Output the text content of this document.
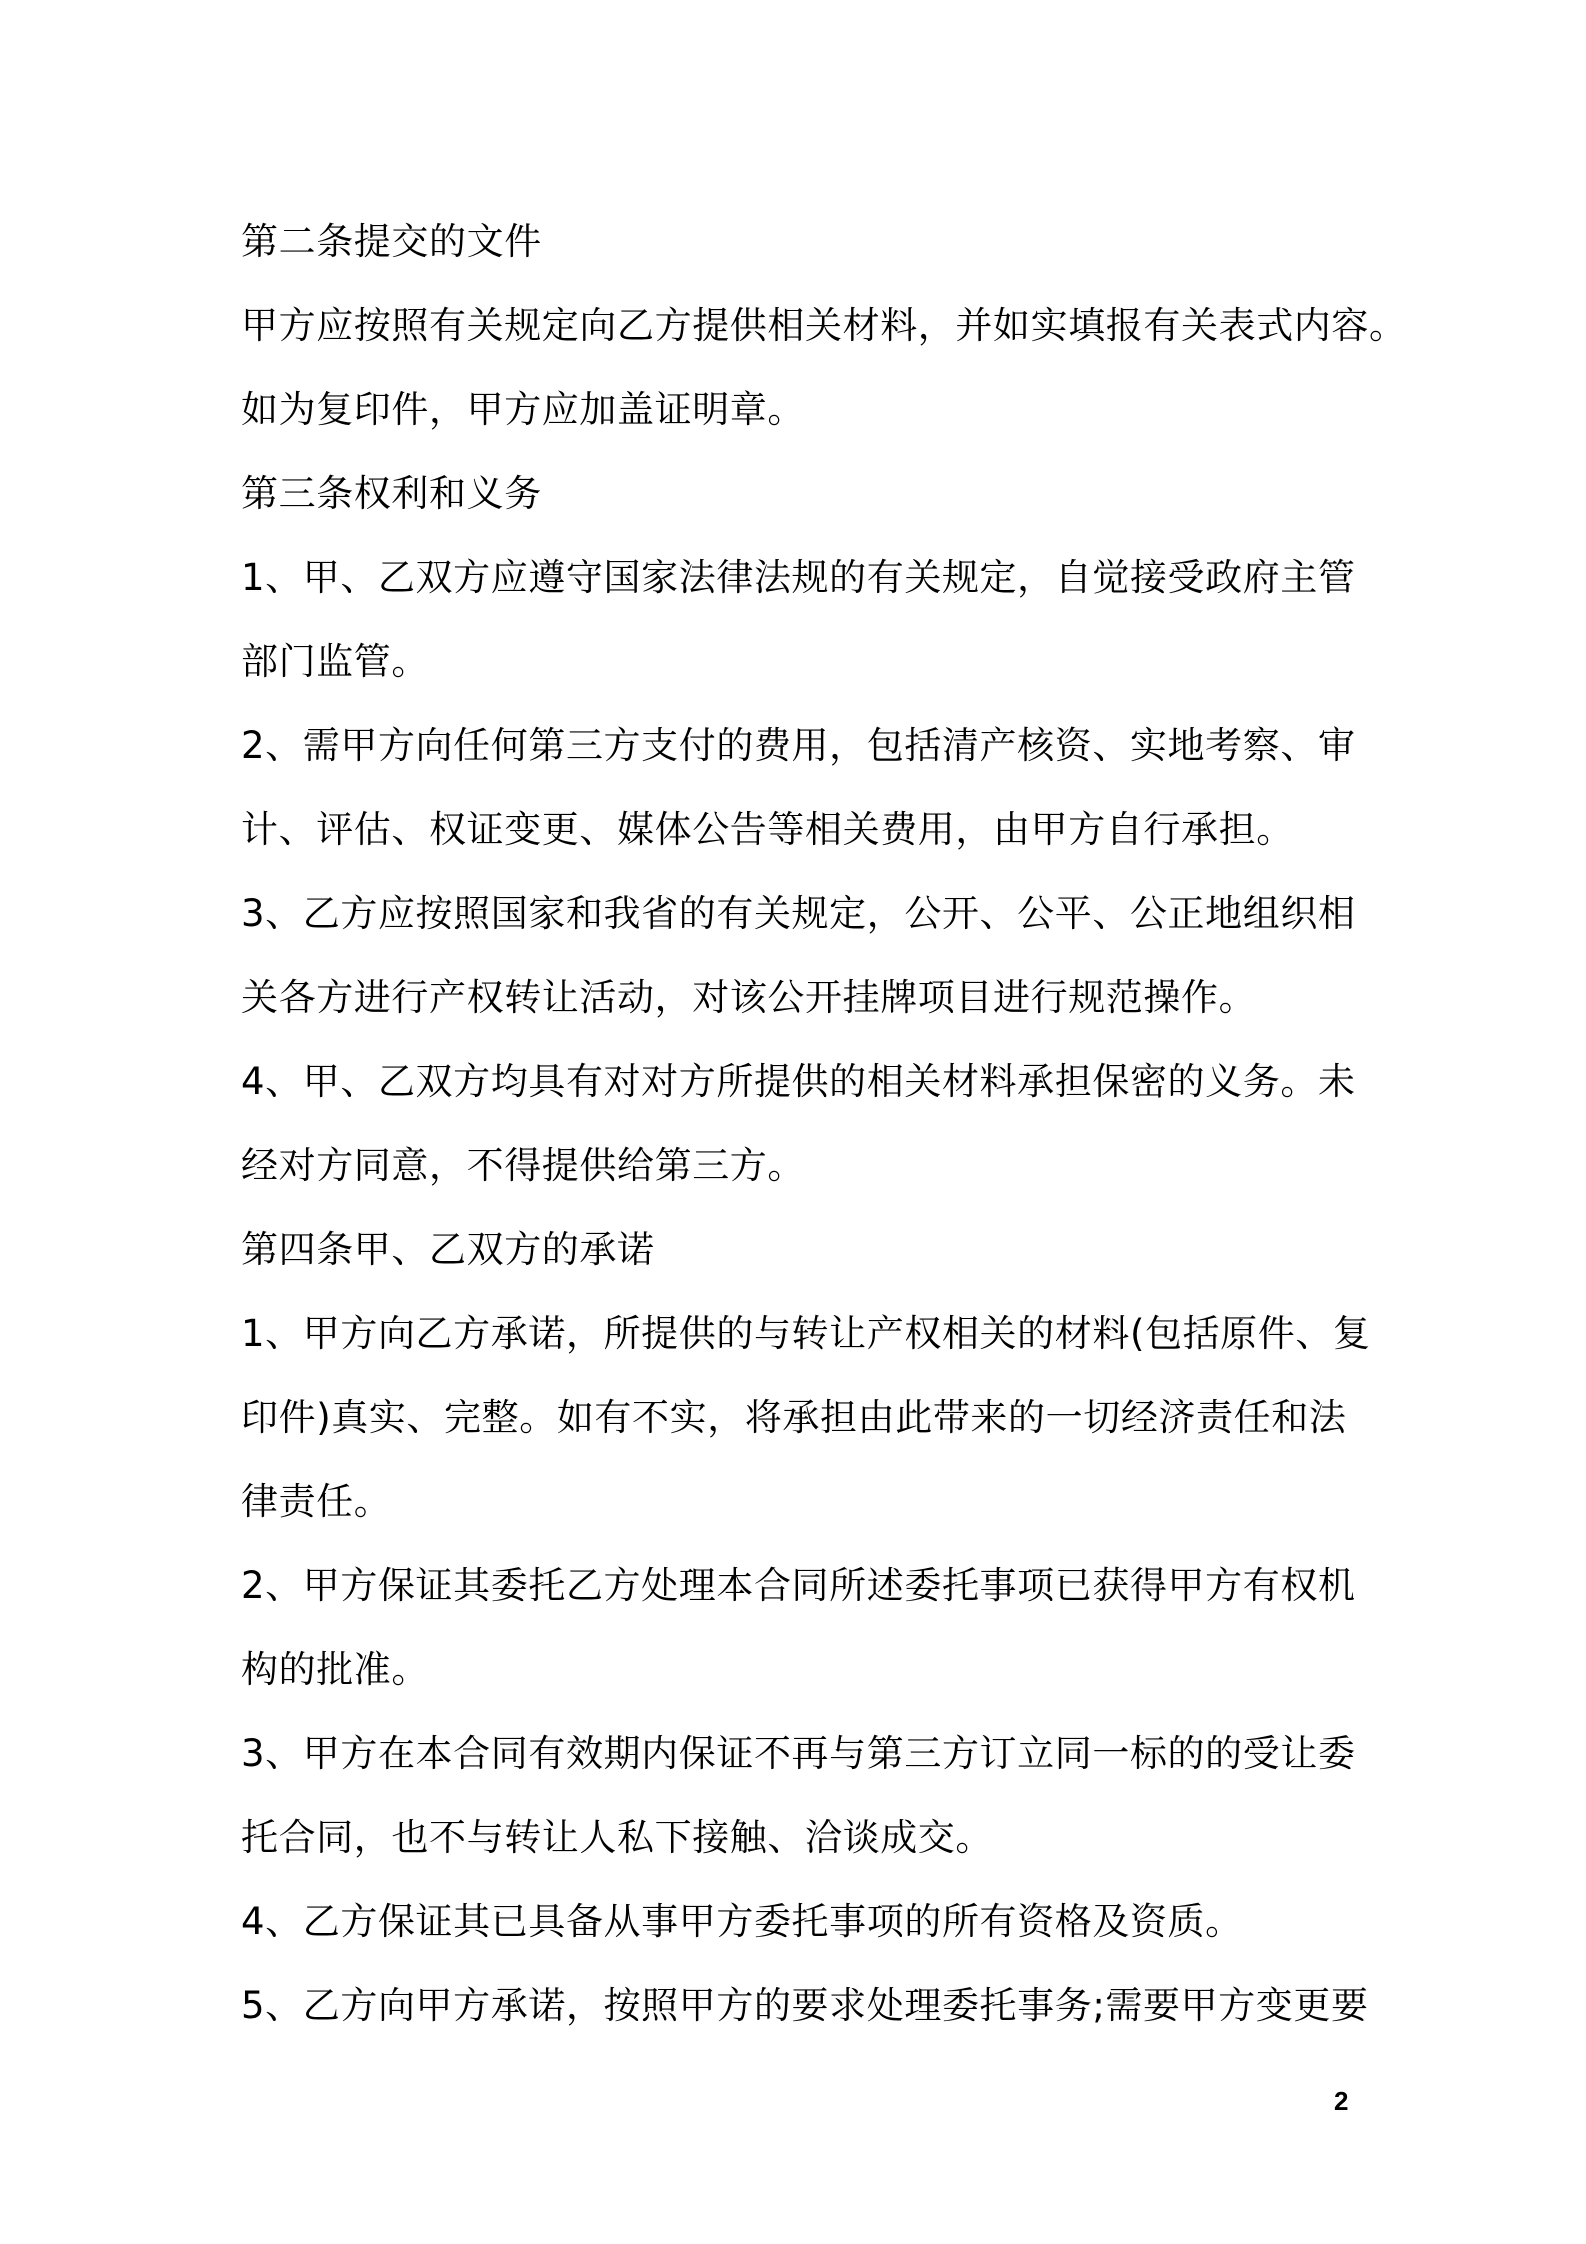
第二条提交的文件
甲方应按照有关规定向乙方提供相关材料，并如实填报有关表式内容。
如为复印件，甲方应加盖证明章。
第三条权利和义务
1、甲、乙双方应遵守国家法律法规的有关规定，自觉接受政府主管
部门监管。
2、需甲方向任何第三方支付的费用，包括清产核资、实地考察、审
计、评估、权证变更、媒体公告等相关费用，由甲方自行承担。
3、乙方应按照国家和我省的有关规定，公开、公平、公正地组织相
关各方进行产权转让活动，对该公开挂牌项目进行规范操作。
4、甲、乙双方均具有对对方所提供的相关材料承担保密的义务。未
经对方同意，不得提供给第三方。
第四条甲、乙双方的承诺
1、甲方向乙方承诺，所提供的与转让产权相关的材料(包括原件、复
印件)真实、完整。如有不实，将承担由此带来的一切经济责任和法
律责任。
2、甲方保证其委托乙方处理本合同所述委托事项已获得甲方有权机
构的批准。
3、甲方在本合同有效期内保证不再与第三方订立同一标的的受让委
托合同，也不与转让人私下接触、洽谈成交。
4、乙方保证其已具备从事甲方委托事项的所有资格及资质。
5、乙方向甲方承诺，按照甲方的要求处理委托事务;需要甲方变更要
2
